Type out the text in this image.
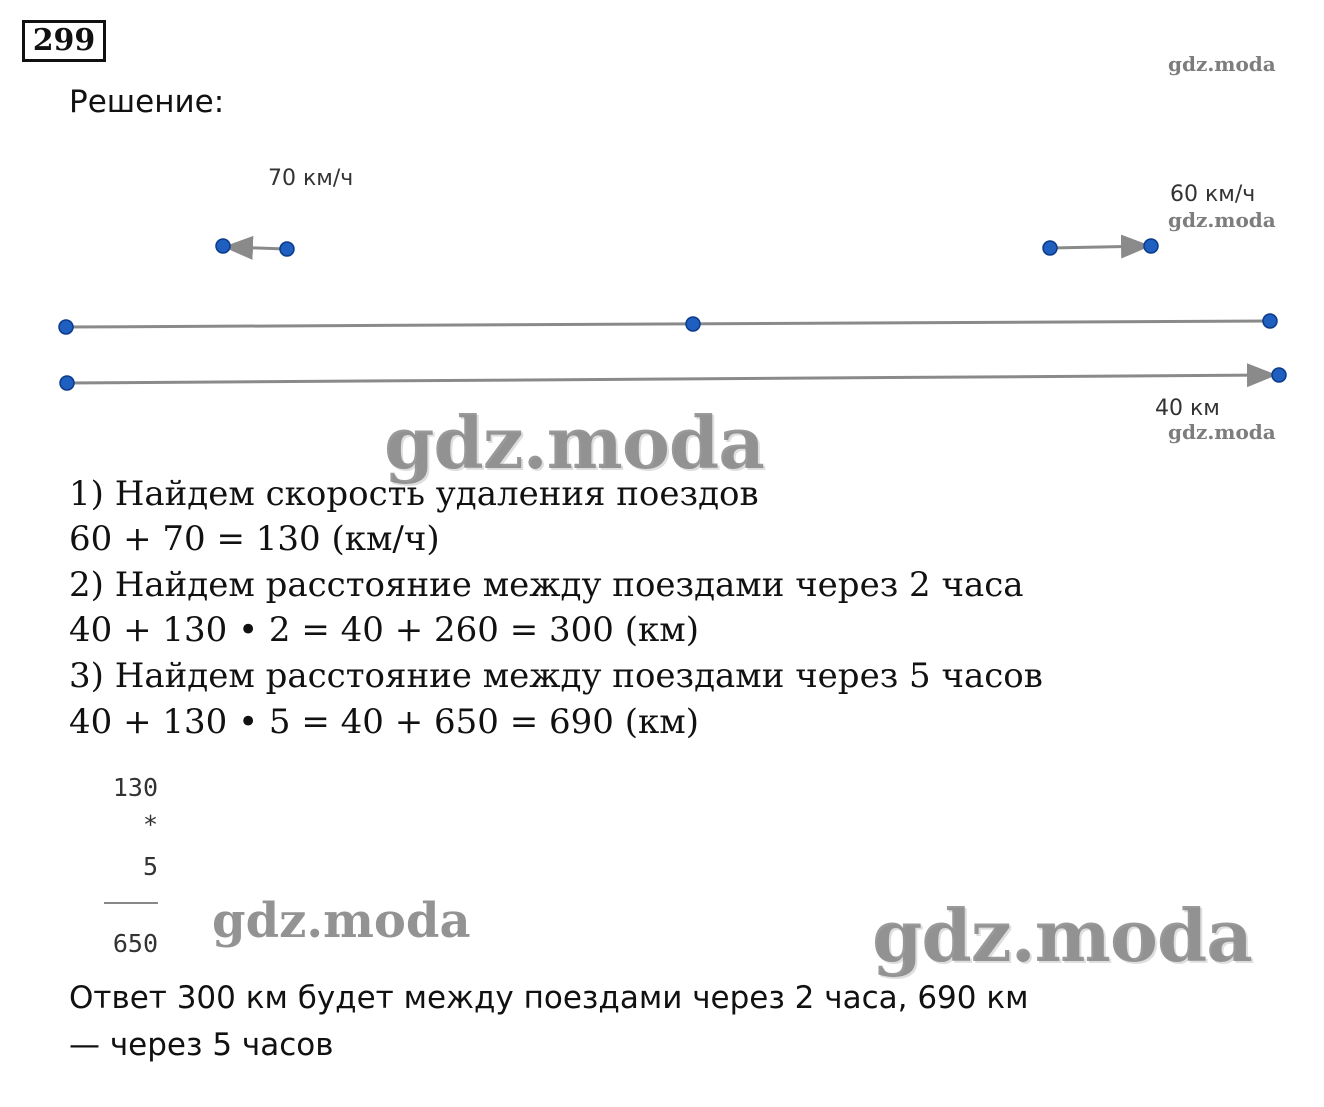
299
Решение:
gdz.moda
gdz.moda
gdz.moda
70 км/ч
60 км/ч
40 км
gdz.moda
1) Найдем скорость удаления поездов
60 + 70 = 130 (км/ч)
2) Найдем расстояние между поездами через 2 часа
40 + 130 • 2 = 40 + 260 = 300 (км)
3) Найдем расстояние между поездами через 5 часов
40 + 130 • 5 = 40 + 650 = 690 (км)
130
*
5
650 gdz.moda	gdz.moda
Ответ 300 км будет между поездами через 2 часа, 690 км
— через 5 часов
